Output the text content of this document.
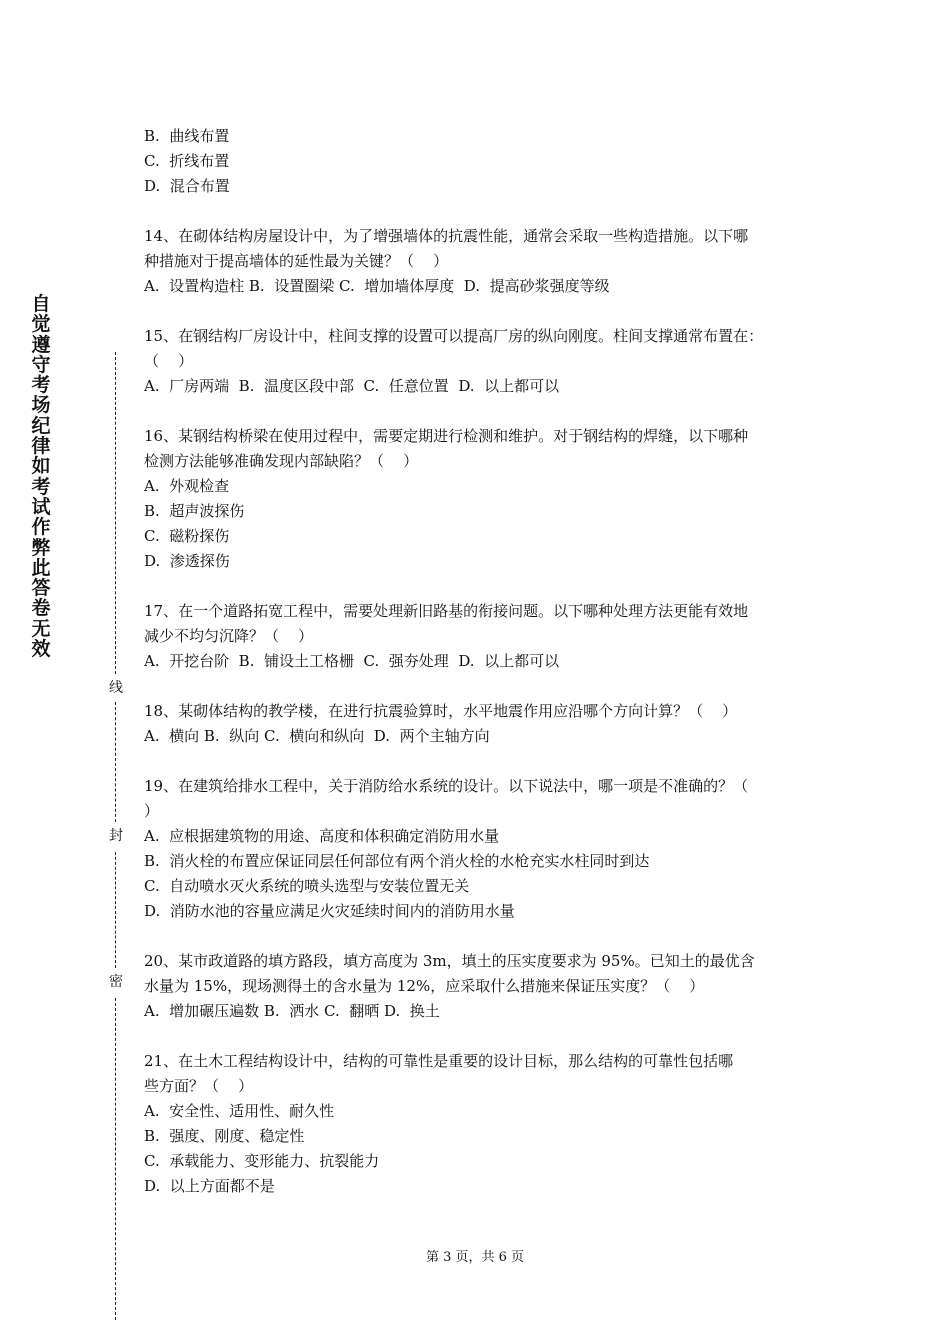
自
觉
遵
守
考
场
纪
律
如
考
试
作
弊
此
答
卷
无
效
线
封
密
B.  曲线布置
C.  折线布置
D.  混合布置
14、在砌体结构房屋设计中，为了增强墙体的抗震性能，通常会采取一些构造措施。以下哪
种措施对于提高墙体的延性最为关键？（    ）
A.  设置构造柱 B.  设置圈梁 C.  增加墙体厚度  D.  提高砂浆强度等级
15、在钢结构厂房设计中，柱间支撑的设置可以提高厂房的纵向刚度。柱间支撑通常布置在：
（    ）
A.  厂房两端  B.  温度区段中部  C.  任意位置  D.  以上都可以
16、某钢结构桥梁在使用过程中，需要定期进行检测和维护。对于钢结构的焊缝，以下哪种
检测方法能够准确发现内部缺陷？（    ）
A.  外观检查
B.  超声波探伤
C.  磁粉探伤
D.  渗透探伤
17、在一个道路拓宽工程中，需要处理新旧路基的衔接问题。以下哪种处理方法更能有效地
减少不均匀沉降？（    ）
A.  开挖台阶  B.  铺设土工格栅  C.  强夯处理  D.  以上都可以
18、某砌体结构的教学楼，在进行抗震验算时，水平地震作用应沿哪个方向计算？（    ）
A.  横向 B.  纵向 C.  横向和纵向  D.  两个主轴方向
19、在建筑给排水工程中，关于消防给水系统的设计。以下说法中，哪一项是不准确的？（
）
A.  应根据建筑物的用途、高度和体积确定消防用水量
B.  消火栓的布置应保证同层任何部位有两个消火栓的水枪充实水柱同时到达
C.  自动喷水灭火系统的喷头选型与安装位置无关
D.  消防水池的容量应满足火灾延续时间内的消防用水量
20、某市政道路的填方路段，填方高度为 3m，填土的压实度要求为 95%。已知土的最优含
水量为 15%，现场测得土的含水量为 12%，应采取什么措施来保证压实度？（    ）
A.  增加碾压遍数 B.  洒水 C.  翻晒 D.  换土
21、在土木工程结构设计中，结构的可靠性是重要的设计目标，那么结构的可靠性包括哪
些方面？（    ）
A.  安全性、适用性、耐久性
B.  强度、刚度、稳定性
C.  承载能力、变形能力、抗裂能力
D.  以上方面都不是
第 3 页，共 6 页
